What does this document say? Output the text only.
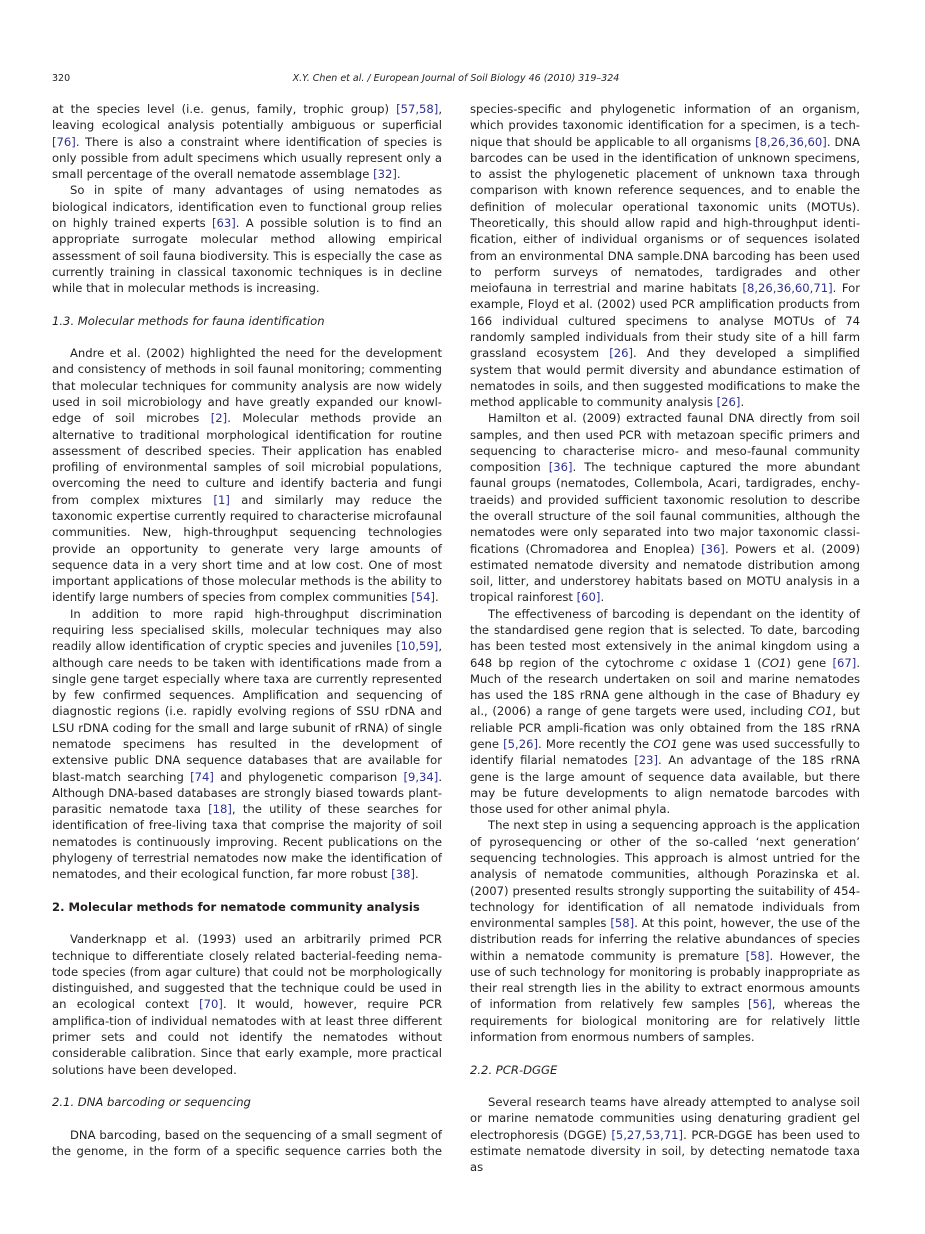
320	X.Y. Chen et al. / European Journal of Soil Biology 46 (2010) 319–324

at the species level (i.e. genus, family, trophic group) [57,58], leaving ecological analysis potentially ambiguous or superficial [76]. There is also a constraint where identification of species is only possible from adult specimens which usually represent only a small percentage of the overall nematode assemblage [32].

So in spite of many advantages of using nematodes as biological indicators, identification even to functional group relies on highly trained experts [63]. A possible solution is to find an appropriate surrogate molecular method allowing empirical assessment of soil fauna biodiversity. This is especially the case as currently training in classical taxonomic techniques is in decline while that in molecular methods is increasing.

1.3. Molecular methods for fauna identification

Andre et al. (2002) highlighted the need for the development and consistency of methods in soil faunal monitoring; commenting that molecular techniques for community analysis are now widely used in soil microbiology and have greatly expanded our knowl-edge of soil microbes [2]. Molecular methods provide an alternative to traditional morphological identification for routine assessment of described species. Their application has enabled profiling of environmental samples of soil microbial populations, overcoming the need to culture and identify bacteria and fungi from complex mixtures [1] and similarly may reduce the taxonomic expertise currently required to characterise microfaunal communities. New, high-throughput sequencing technologies provide an opportunity to generate very large amounts of sequence data in a very short time and at low cost. One of most important applications of those molecular methods is the ability to identify large numbers of species from complex communities [54].

In addition to more rapid high-throughput discrimination requiring less specialised skills, molecular techniques may also readily allow identification of cryptic species and juveniles [10,59], although care needs to be taken with identifications made from a single gene target especially where taxa are currently represented by few confirmed sequences. Amplification and sequencing of diagnostic regions (i.e. rapidly evolving regions of SSU rDNA and LSU rDNA coding for the small and large subunit of rRNA) of single nematode specimens has resulted in the development of extensive public DNA sequence databases that are available for blast-match searching [74] and phylogenetic comparison [9,34]. Although DNA-based databases are strongly biased towards plant-parasitic nematode taxa [18], the utility of these searches for identification of free-living taxa that comprise the majority of soil nematodes is continuously improving. Recent publications on the phylogeny of terrestrial nematodes now make the identification of nematodes, and their ecological function, far more robust [38].

2. Molecular methods for nematode community analysis

Vanderknapp et al. (1993) used an arbitrarily primed PCR technique to differentiate closely related bacterial-feeding nema-tode species (from agar culture) that could not be morphologically distinguished, and suggested that the technique could be used in an ecological context [70]. It would, however, require PCR amplifica-tion of individual nematodes with at least three different primer sets and could not identify the nematodes without considerable calibration. Since that early example, more practical solutions have been developed.

2.1. DNA barcoding or sequencing

DNA barcoding, based on the sequencing of a small segment of the genome, in the form of a specific sequence carries both the

species-specific and phylogenetic information of an organism, which provides taxonomic identification for a specimen, is a tech-nique that should be applicable to all organisms [8,26,36,60]. DNA barcodes can be used in the identification of unknown specimens, to assist the phylogenetic placement of unknown taxa through comparison with known reference sequences, and to enable the definition of molecular operational taxonomic units (MOTUs). Theoretically, this should allow rapid and high-throughput identi-fication, either of individual organisms or of sequences isolated from an environmental DNA sample.DNA barcoding has been used to perform surveys of nematodes, tardigrades and other meiofauna in terrestrial and marine habitats [8,26,36,60,71]. For example, Floyd et al. (2002) used PCR amplification products from 166 individual cultured specimens to analyse MOTUs of 74 randomly sampled individuals from their study site of a hill farm grassland ecosystem [26]. And they developed a simplified system that would permit diversity and abundance estimation of nematodes in soils, and then suggested modifications to make the method applicable to community analysis [26].

Hamilton et al. (2009) extracted faunal DNA directly from soil samples, and then used PCR with metazoan specific primers and sequencing to characterise micro- and meso-faunal community composition [36]. The technique captured the more abundant faunal groups (nematodes, Collembola, Acari, tardigrades, enchy-traeids) and provided sufficient taxonomic resolution to describe the overall structure of the soil faunal communities, although the nematodes were only separated into two major taxonomic classi-fications (Chromadorea and Enoplea) [36]. Powers et al. (2009) estimated nematode diversity and nematode distribution among soil, litter, and understorey habitats based on MOTU analysis in a tropical rainforest [60].

The effectiveness of barcoding is dependant on the identity of the standardised gene region that is selected. To date, barcoding has been tested most extensively in the animal kingdom using a 648 bp region of the cytochrome c oxidase 1 (CO1) gene [67]. Much of the research undertaken on soil and marine nematodes has used the 18S rRNA gene although in the case of Bhadury ey al., (2006) a range of gene targets were used, including CO1, but reliable PCR ampli-fication was only obtained from the 18S rRNA gene [5,26]. More recently the CO1 gene was used successfully to identify filarial nematodes [23]. An advantage of the 18S rRNA gene is the large amount of sequence data available, but there may be future developments to align nematode barcodes with those used for other animal phyla.

The next step in using a sequencing approach is the application of pyrosequencing or other of the so-called ‘next generation’ sequencing technologies. This approach is almost untried for the analysis of nematode communities, although Porazinska et al. (2007) presented results strongly supporting the suitability of 454-technology for identification of all nematode individuals from environmental samples [58]. At this point, however, the use of the distribution reads for inferring the relative abundances of species within a nematode community is premature [58]. However, the use of such technology for monitoring is probably inappropriate as their real strength lies in the ability to extract enormous amounts of information from relatively few samples [56], whereas the requirements for biological monitoring are for relatively little information from enormous numbers of samples.

2.2. PCR-DGGE

Several research teams have already attempted to analyse soil or marine nematode communities using denaturing gradient gel electrophoresis (DGGE) [5,27,53,71]. PCR-DGGE has been used to estimate nematode diversity in soil, by detecting nematode taxa as
